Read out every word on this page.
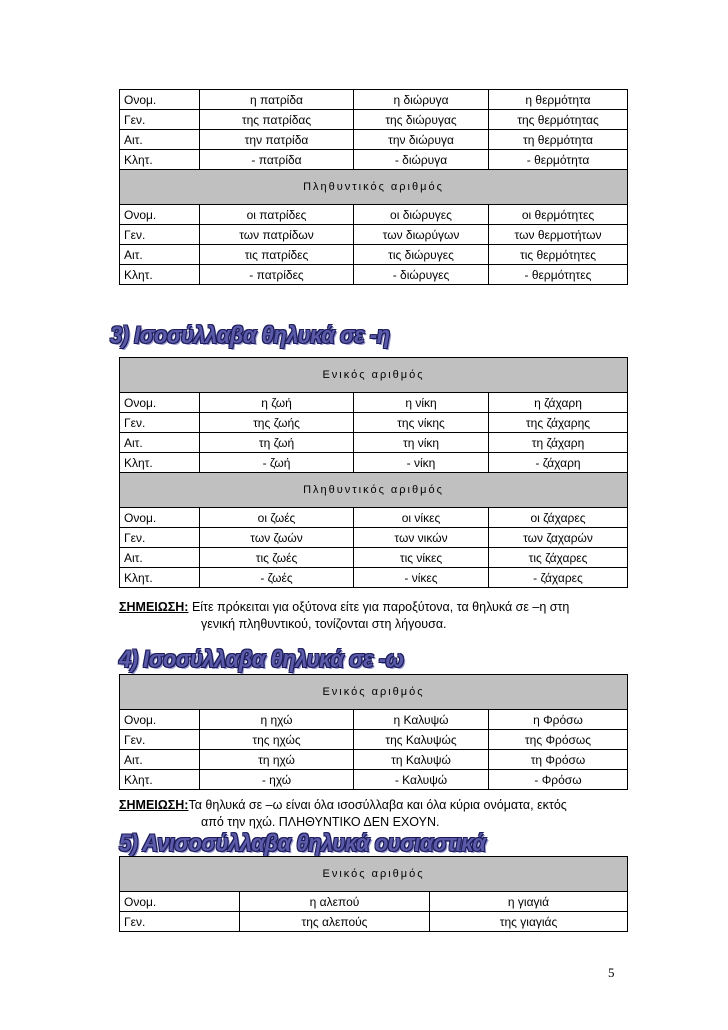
Ονομ.	η πατρίδα	η διώρυγα	η θερμότητα
Γεν.	της πατρίδας	της διώρυγας	της θερμότητας
Αιτ.	την πατρίδα	την διώρυγα	τη θερμότητα
Κλητ.	- πατρίδα	- διώρυγα	- θερμότητα
Πληθυντικός αριθμός			
Ονομ.	οι πατρίδες	οι διώρυγες	οι θερμότητες
Γεν.	των πατρίδων	των διωρύγων	των θερμοτήτων
Αιτ.	τις πατρίδες	τις διώρυγες	τις θερμότητες
Κλητ.	- πατρίδες	- διώρυγες	- θερμότητες
3) Ισοσύλλαβα θηλυκά σε -η
Ενικός αριθμός			
Ονομ.	η ζωή	η νίκη	η ζάχαρη
Γεν.	της ζωής	της νίκης	της ζάχαρης
Αιτ.	τη ζωή	τη νίκη	τη ζάχαρη
Κλητ.	- ζωή	- νίκη	- ζάχαρη
Πληθυντικός αριθμός			
Ονομ.	οι ζωές	οι νίκες	οι ζάχαρες
Γεν.	των ζωών	των νικών	των ζαχαρών
Αιτ.	τις ζωές	τις νίκες	τις ζάχαρες
Κλητ.	- ζωές	- νίκες	- ζάχαρες
ΣΗΜΕΙΩΣΗ: Είτε πρόκειται για οξύτονα είτε για παροξύτονα, τα θηλυκά σε –η στη
γενική πληθυντικού, τονίζονται στη λήγουσα.
4) Ισοσύλλαβα θηλυκά σε -ω
Ενικός αριθμός			
Ονομ.	η ηχώ	η Καλυψώ	η Φρόσω
Γεν.	της ηχώς	της Καλυψώς	της Φρόσως
Αιτ.	τη ηχώ	τη Καλυψώ	τη Φρόσω
Κλητ.	- ηχώ	- Καλυψώ	- Φρόσω
ΣΗΜΕΙΩΣΗ:Τα θηλυκά σε –ω είναι όλα ισοσύλλαβα και όλα κύρια ονόματα, εκτός
από την ηχώ. ΠΛΗΘΥΝΤΙΚΟ ΔΕΝ ΕΧΟΥΝ.
5) Ανισοσύλλαβα θηλυκά ουσιαστικά
Ενικός αριθμός		
Ονομ.	η αλεπού	η γιαγιά
Γεν.	της αλεπούς	της γιαγιάς
5
